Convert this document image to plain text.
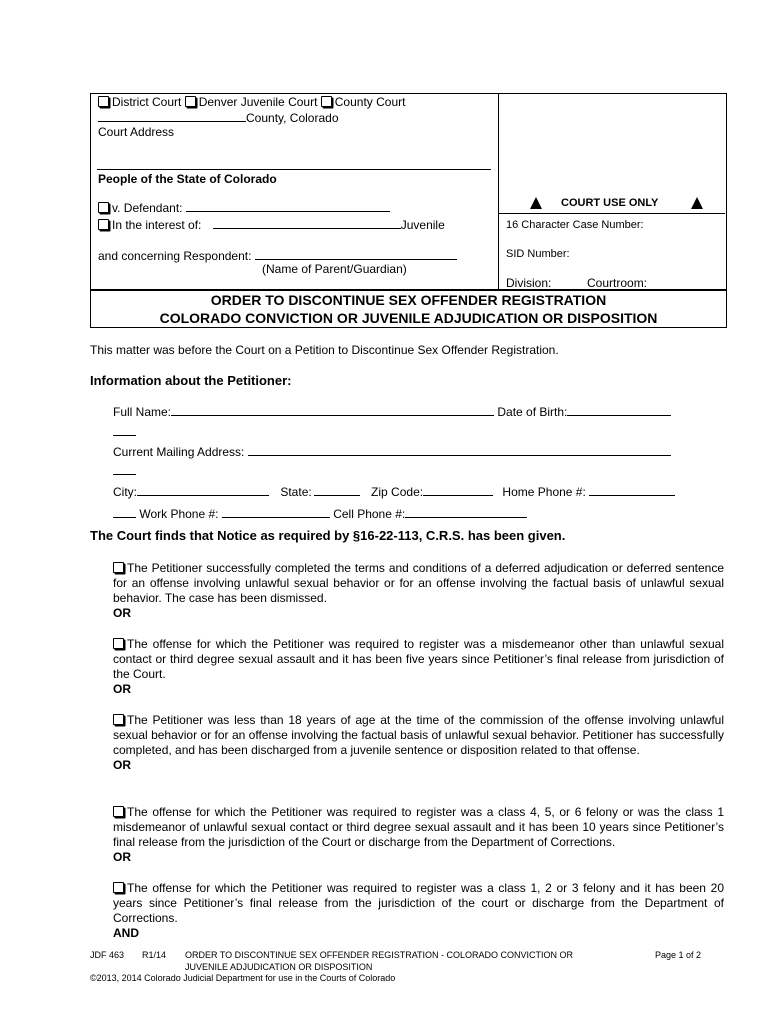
District Court Denver Juvenile Court County Court
County, Colorado
Court Address
People of the State of Colorado
v. Defendant:
In the interest of:	Juvenile
and concerning Respondent:
(Name of Parent/Guardian)
COURT USE ONLY
16 Character Case Number:
SID Number:
Division:	Courtroom:
ORDER TO DISCONTINUE SEX OFFENDER REGISTRATION
COLORADO CONVICTION OR JUVENILE ADJUDICATION OR DISPOSITION
This matter was before the Court on a Petition to Discontinue Sex Offender Registration.
Information about the Petitioner:
Full Name:	Date of Birth:
Current Mailing Address:
City:	State:	Zip Code:	Home Phone #:
Work Phone #:	Cell Phone #:
The Court finds that Notice as required by §16-22-113, C.R.S. has been given.
The Petitioner successfully completed the terms and conditions of a deferred adjudication or deferred sentence for an offense involving unlawful sexual behavior or for an offense involving the factual basis of unlawful sexual behavior. The case has been dismissed.
OR
The offense for which the Petitioner was required to register was a misdemeanor other than unlawful sexual contact or third degree sexual assault and it has been five years since Petitioner’s final release from jurisdiction of the Court.
OR
The Petitioner was less than 18 years of age at the time of the commission of the offense involving unlawful sexual behavior or for an offense involving the factual basis of unlawful sexual behavior. Petitioner has successfully completed, and has been discharged from a juvenile sentence or disposition related to that offense.
OR
The offense for which the Petitioner was required to register was a class 4, 5, or 6 felony or was the class 1 misdemeanor of unlawful sexual contact or third degree sexual assault and it has been 10 years since Petitioner’s final release from the jurisdiction of the Court or discharge from the Department of Corrections.
OR
The offense for which the Petitioner was required to register was a class 1, 2 or 3 felony and it has been 20 years since Petitioner’s final release from the jurisdiction of the court or discharge from the Department of Corrections.
AND
JDF 463 R1/14 ORDER TO DISCONTINUE SEX OFFENDER REGISTRATION - COLORADO CONVICTION OR
JUVENILE ADJUDICATION OR DISPOSITION
Page 1 of 2
©2013, 2014 Colorado Judicial Department for use in the Courts of Colorado
